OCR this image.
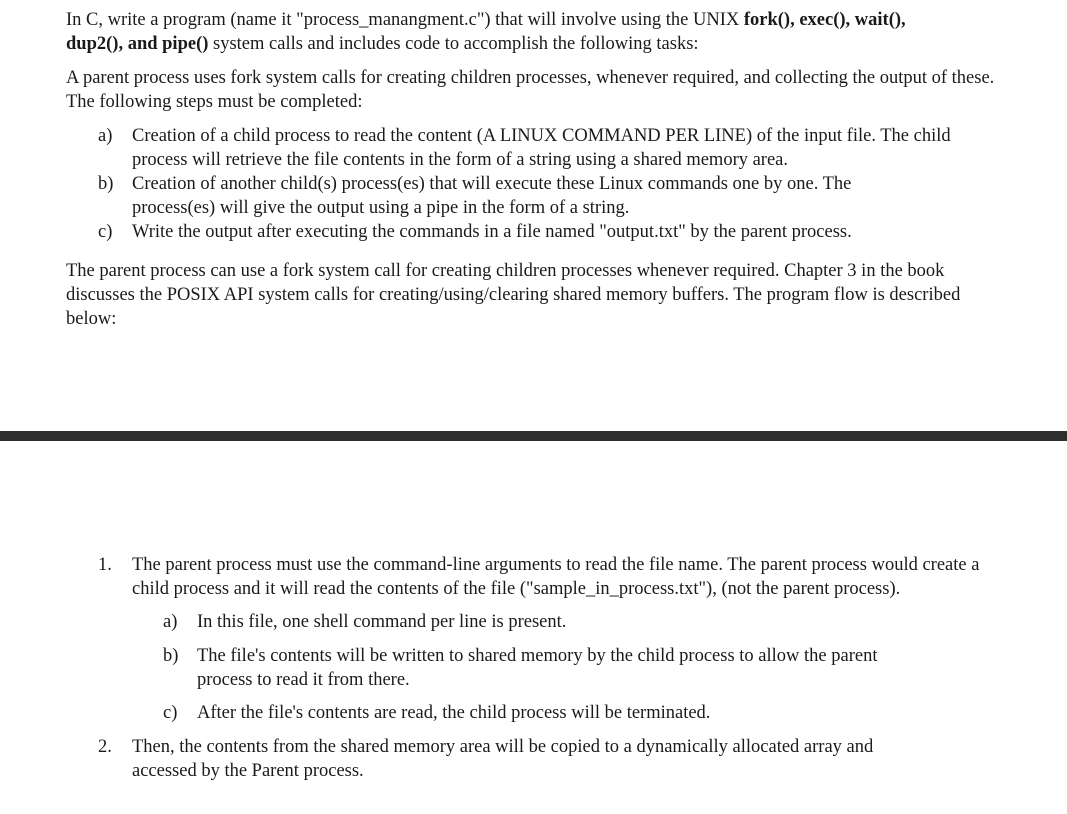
In C, write a program (name it "process_manangment.c") that will involve using the UNIX fork(), exec(), wait(),
dup2(), and pipe() system calls and includes code to accomplish the following tasks:
A parent process uses fork system calls for creating children processes, whenever required, and collecting the output of these. The following steps must be completed:
a) Creation of a child process to read the content (A LINUX COMMAND PER LINE) of the input file. The child process will retrieve the file contents in the form of a string using a shared memory area.

b) Creation of another child(s) process(es) that will execute these Linux commands one by one. The process(es) will give the output using a pipe in the form of a string.

c) Write the output after executing the commands in a file named "output.txt" by the parent process.

The parent process can use a fork system call for creating children processes whenever required. Chapter 3 in the book discusses the POSIX API system calls for creating/using/clearing shared memory buffers. The program flow is described below:
1. The parent process must use the command-line arguments to read the file name. The parent process would create a child process and it will read the contents of the file ("sample_in_process.txt"), (not the parent process).

a) In this file, one shell command per line is present.

b) The file's contents will be written to shared memory by the child process to allow the parent process to read it from there.

c) After the file's contents are read, the child process will be terminated.

2. Then, the contents from the shared memory area will be copied to a dynamically allocated array and accessed by the Parent process.
